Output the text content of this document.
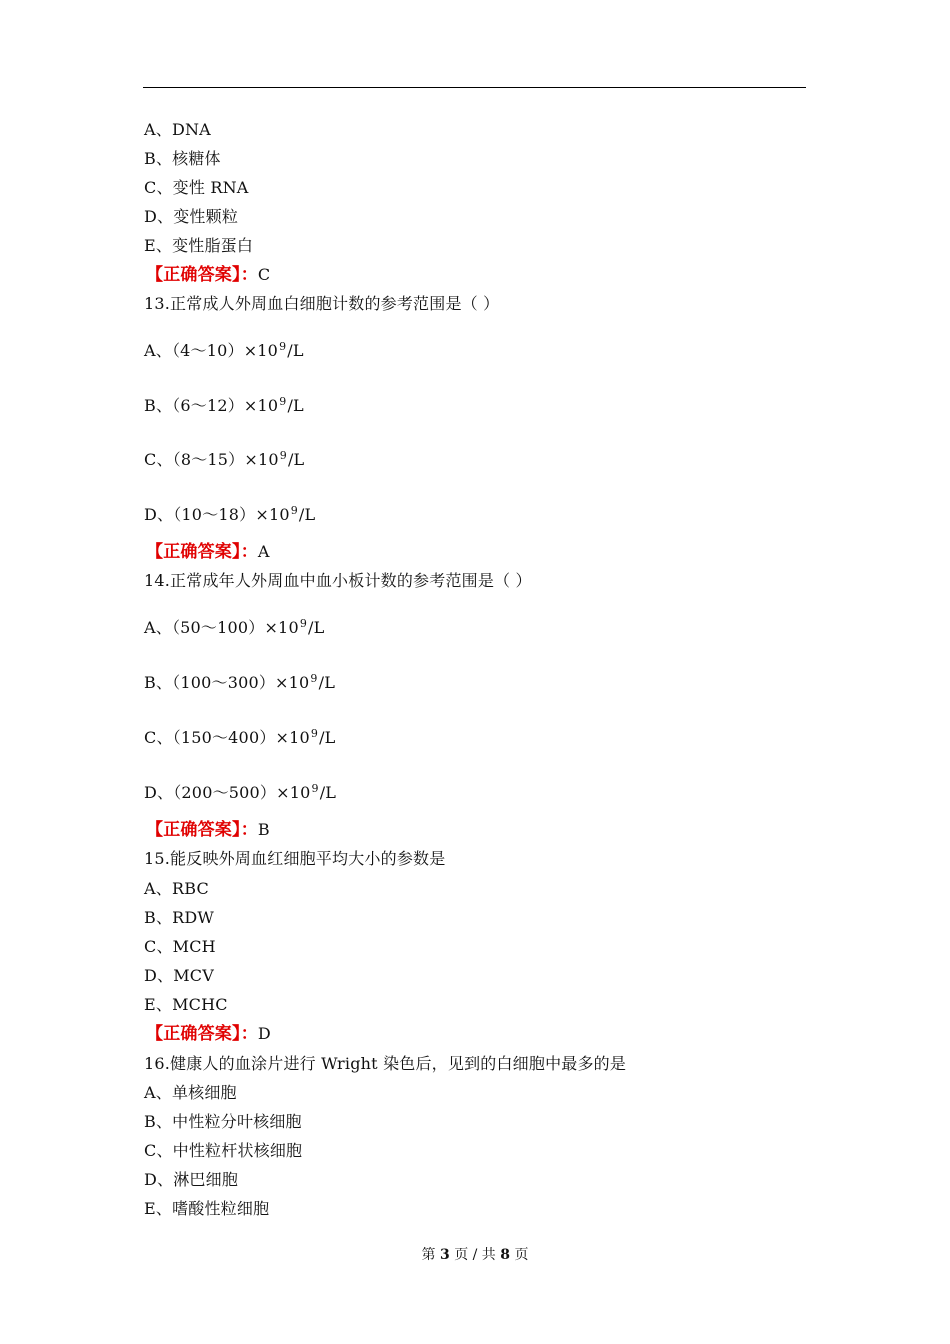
A、DNA
B、核糖体
C、变性 RNA
D、变性颗粒
E、变性脂蛋白
【正确答案】：C
13.正常成人外周血白细胞计数的参考范围是（ ）
A、$(4\sim 10)\times 10^9/L$
B、$(6\sim 12)\times 10^9/L$
C、$(8\sim 15)\times 10^9/L$
D、$(10\sim 18)\times 10^9/L$
【正确答案】：A
14.正常成年人外周血中血小板计数的参考范围是（ ）
A、$(50\sim 100)\times 10^9/L$
B、$(100\sim 300)\times 10^9/L$
C、$(150\sim 400)\times 10^9/L$
D、$(200\sim 500)\times 10^9/L$
【正确答案】：B
15.能反映外周血红细胞平均大小的参数是
A、RBC
B、RDW
C、MCH
D、MCV
E、MCHC
【正确答案】：D
16.健康人的血涂片进行 Wright 染色后，见到的白细胞中最多的是
A、单核细胞
B、中性粒分叶核细胞
C、中性粒杆状核细胞
D、淋巴细胞
E、嗜酸性粒细胞
第 3 页 / 共 8 页
